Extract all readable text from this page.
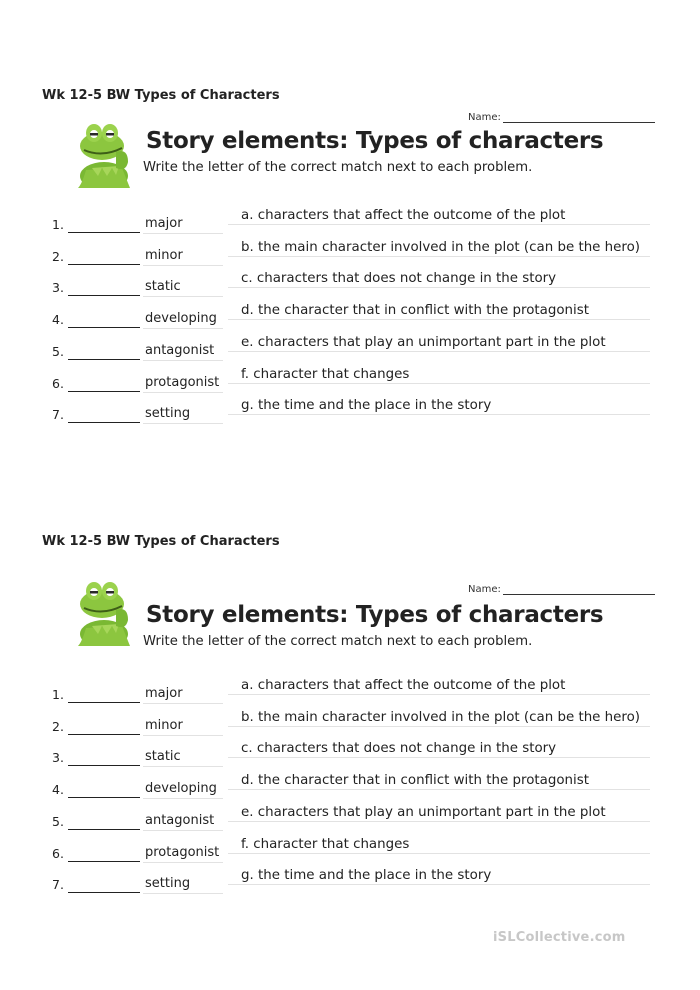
Wk 12-5 BW Types of Characters
Name:
Story elements: Types of characters
Write the letter of the correct match next to each problem.
1.	major
a. characters that affect the outcome of the plot
2.	minor
b. the main character involved in the plot (can be the hero)
3.	static
c. characters that does not change in the story
4.	developing
d. the character that in conflict with the protagonist
5.	antagonist
e. characters that play an unimportant part in the plot
6.	protagonist
f. character that changes
7.	setting
g. the time and the place in the story
Wk 12-5 BW Types of Characters
Name:
Story elements: Types of characters
Write the letter of the correct match next to each problem.
1.	major
a. characters that affect the outcome of the plot
2.	minor
b. the main character involved in the plot (can be the hero)
3.	static
c. characters that does not change in the story
4.	developing
d. the character that in conflict with the protagonist
5.	antagonist
e. characters that play an unimportant part in the plot
6.	protagonist
f. character that changes
7.	setting
g. the time and the place in the story
iSLCollective.com
